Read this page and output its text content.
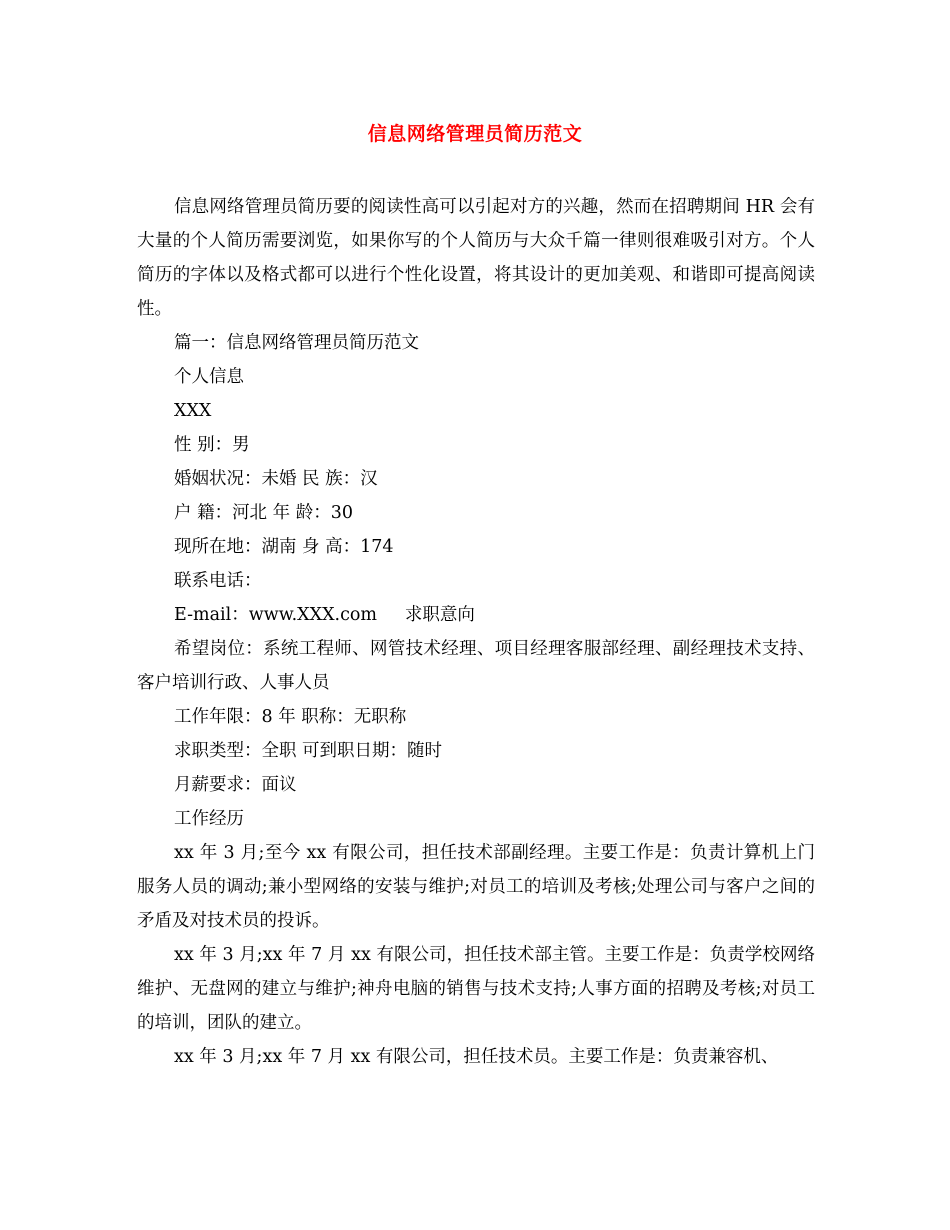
信息网络管理员简历范文

信息网络管理员简历要的阅读性高可以引起对方的兴趣，然而在招聘期间 HR 会有大量的个人简历需要浏览，如果你写的个人简历与大众千篇一律则很难吸引对方。个人简历的字体以及格式都可以进行个性化设置，将其设计的更加美观、和谐即可提高阅读性。

篇一：信息网络管理员简历范文

个人信息

XXX

性 别：男

婚姻状况：未婚 民 族：汉

户 籍：河北 年 龄：30

现所在地：湖南 身 高：174

联系电话：

E-mail：www.XXX.com     求职意向

希望岗位：系统工程师、网管技术经理、项目经理客服部经理、副经理技术支持、客户培训行政、人事人员

工作年限：8 年 职称：无职称

求职类型：全职 可到职日期：随时

月薪要求：面议

工作经历

xx 年 3 月;至今 xx 有限公司，担任技术部副经理。主要工作是：负责计算机上门服务人员的调动;兼小型网络的安装与维护;对员工的培训及考核;处理公司与客户之间的矛盾及对技术员的投诉。

xx 年 3 月;xx 年 7 月 xx 有限公司，担任技术部主管。主要工作是：负责学校网络维护、无盘网的建立与维护;神舟电脑的销售与技术支持;人事方面的招聘及考核;对员工的培训，团队的建立。

xx 年 3 月;xx 年 7 月 xx 有限公司，担任技术员。主要工作是：负责兼容机、
